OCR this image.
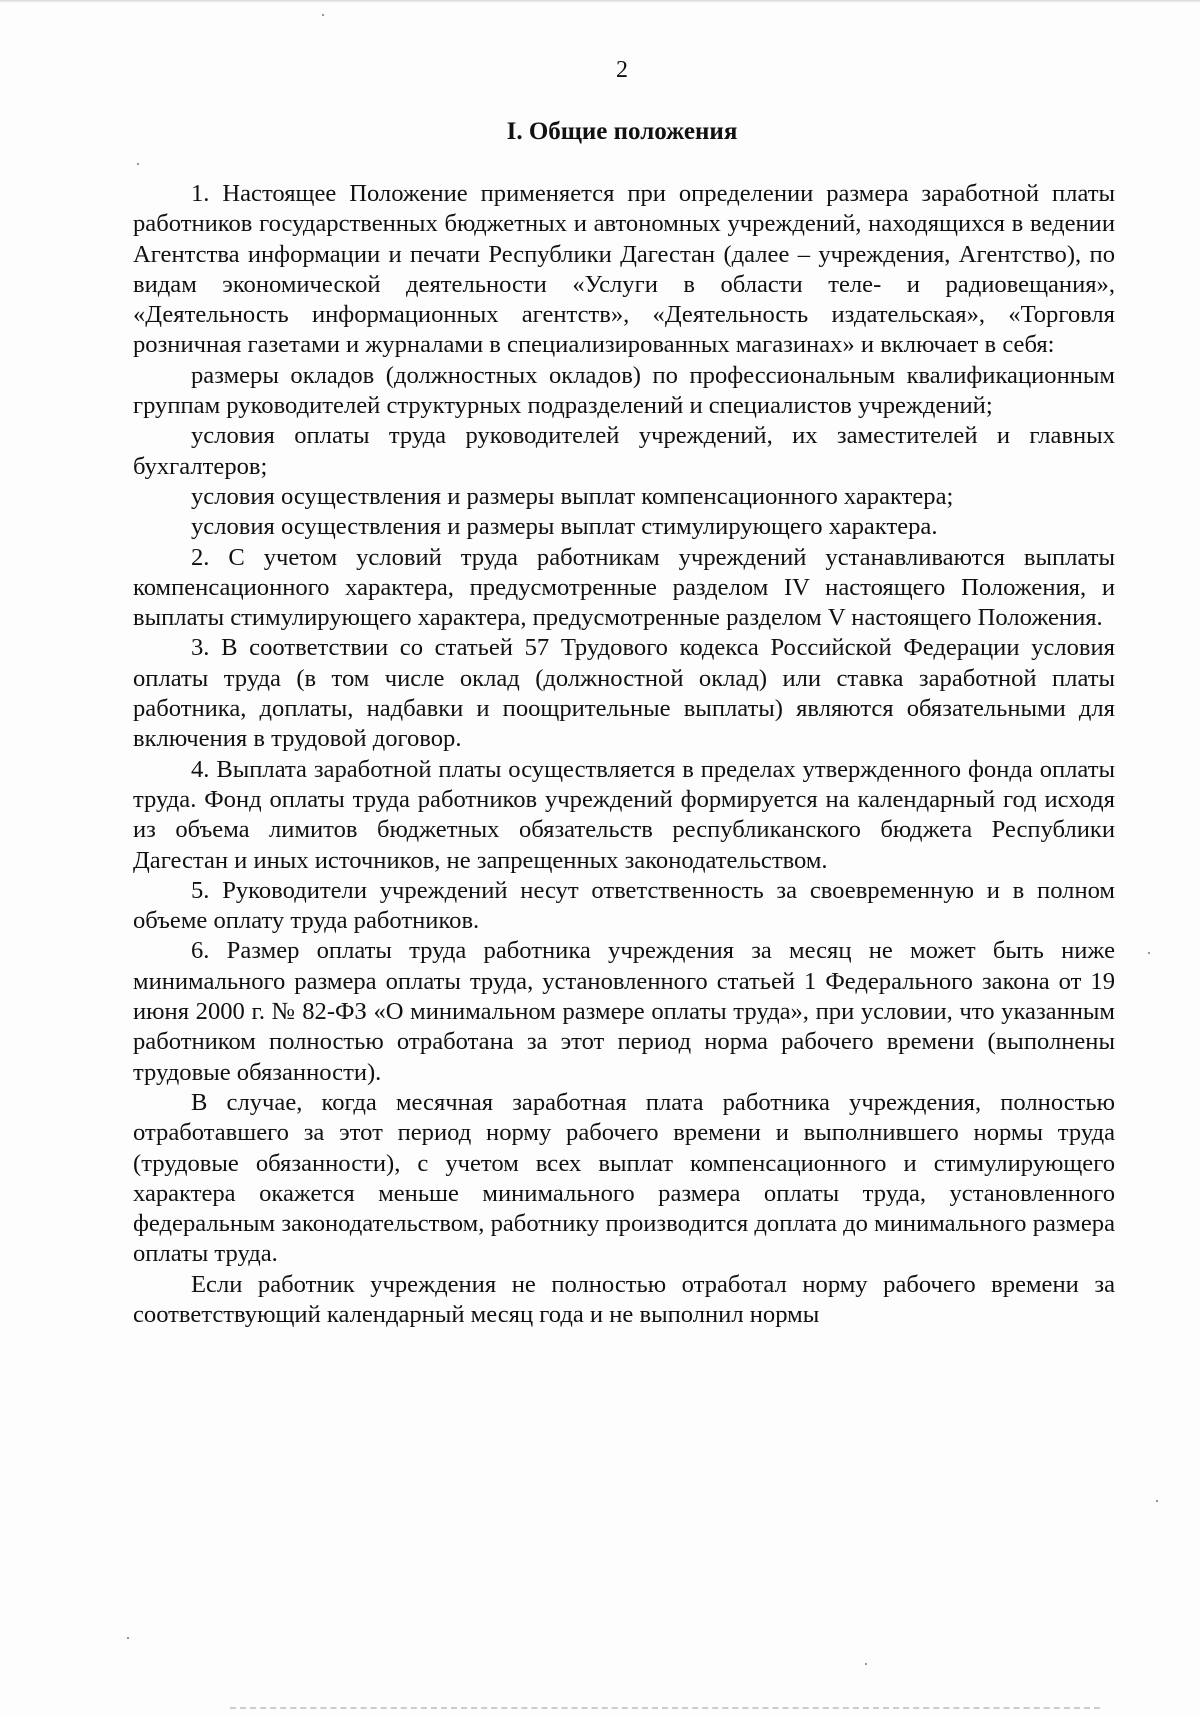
2
I. Общие положения

1. Настоящее Положение применяется при определении размера заработной платы работников государственных бюджетных и автономных учреждений, находящихся в ведении Агентства информации и печати Республики Дагестан (далее – учреждения, Агентство), по видам экономической деятельности «Услуги в области теле- и радиовещания», «Деятельность информационных агентств», «Деятельность издательская», «Торговля розничная газетами и журналами в специализированных магазинах» и включает в себя:

размеры окладов (должностных окладов) по профессиональным квалификационным группам руководителей структурных подразделений и специалистов учреждений;

условия оплаты труда руководителей учреждений, их заместителей и главных бухгалтеров;

условия осуществления и размеры выплат компенсационного характера;

условия осуществления и размеры выплат стимулирующего характера.

2. С учетом условий труда работникам учреждений устанавливаются выплаты компенсационного характера, предусмотренные разделом IV настоящего Положения, и выплаты стимулирующего характера, предусмотренные разделом V настоящего Положения.

3. В соответствии со статьей 57 Трудового кодекса Российской Федерации условия оплаты труда (в том числе оклад (должностной оклад) или ставка заработной платы работника, доплаты, надбавки и поощрительные выплаты) являются обязательными для включения в трудовой договор.

4. Выплата заработной платы осуществляется в пределах утвержденного фонда оплаты труда. Фонд оплаты труда работников учреждений формируется на календарный год исходя из объема лимитов бюджетных обязательств республиканского бюджета Республики Дагестан и иных источников, не запрещенных законодательством.

5. Руководители учреждений несут ответственность за своевременную и в полном объеме оплату труда работников.

6. Размер оплаты труда работника учреждения за месяц не может быть ниже минимального размера оплаты труда, установленного статьей 1 Федерального закона от 19 июня 2000 г. № 82-ФЗ «О минимальном размере оплаты труда», при условии, что указанным работником полностью отработана за этот период норма рабочего времени (выполнены трудовые обязанности).

В случае, когда месячная заработная плата работника учреждения, полностью отработавшего за этот период норму рабочего времени и выполнившего нормы труда (трудовые обязанности), с учетом всех выплат компенсационного и стимулирующего характера окажется меньше минимального размера оплаты труда, установленного федеральным законодательством, работнику производится доплата до минимального размера оплаты труда.

Если работник учреждения не полностью отработал норму рабочего времени за соответствующий календарный месяц года и не выполнил нормы
